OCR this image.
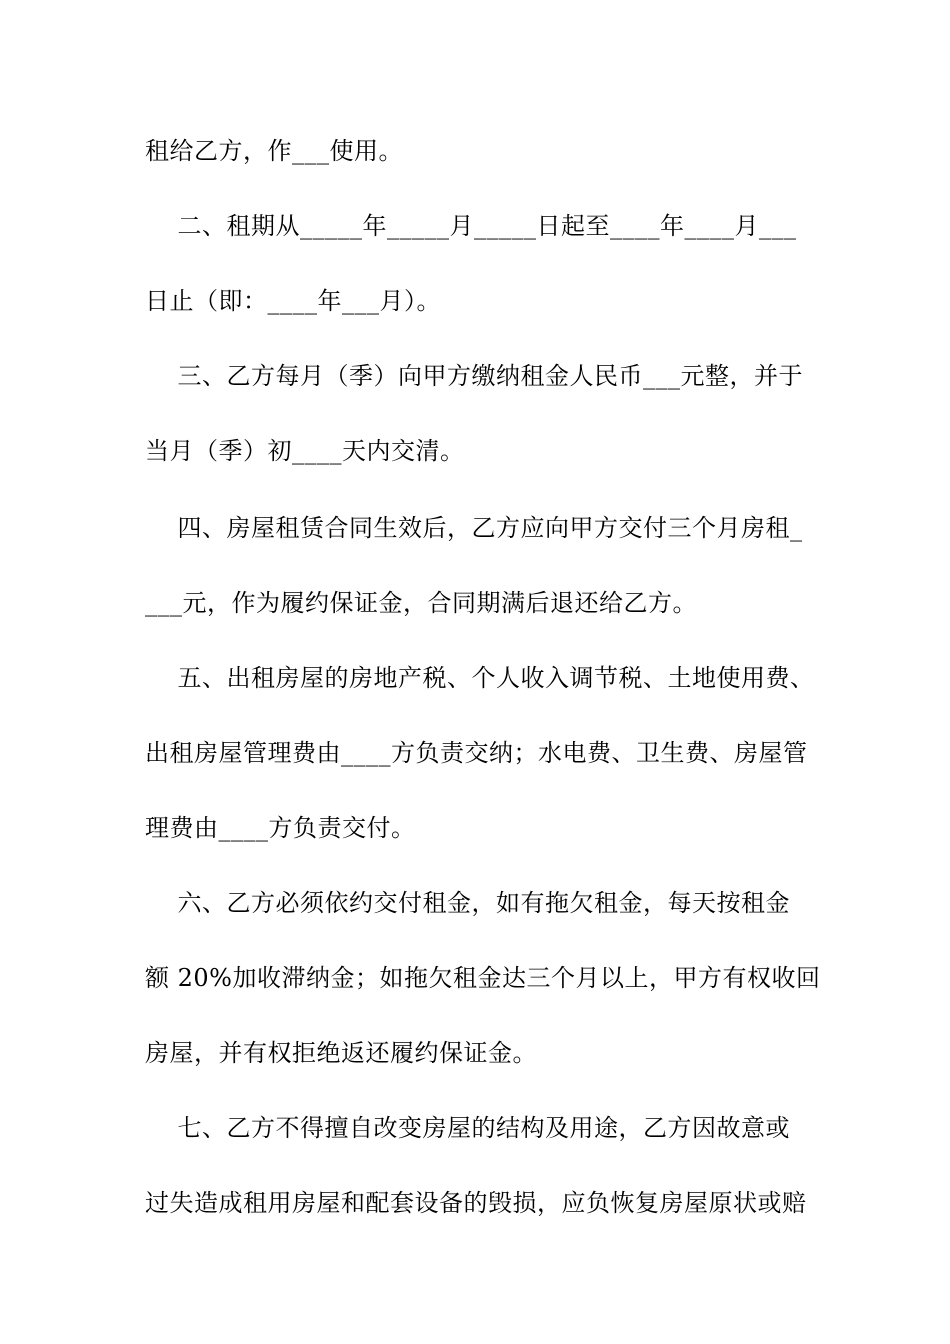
租给乙方，作___使用。
二、租期从_____年_____月_____日起至____年____月___
日止（即：____年___月）。
三、乙方每月（季）向甲方缴纳租金人民币___元整，并于
当月（季）初____天内交清。
四、房屋租赁合同生效后，乙方应向甲方交付三个月房租_
___元，作为履约保证金，合同期满后退还给乙方。
五、出租房屋的房地产税、个人收入调节税、土地使用费、
出租房屋管理费由____方负责交纳；水电费、卫生费、房屋管
理费由____方负责交付。
六、乙方必须依约交付租金，如有拖欠租金，每天按租金
额 20%加收滞纳金；如拖欠租金达三个月以上，甲方有权收回
房屋，并有权拒绝返还履约保证金。
七、乙方不得擅自改变房屋的结构及用途，乙方因故意或
过失造成租用房屋和配套设备的毁损，应负恢复房屋原状或赔
